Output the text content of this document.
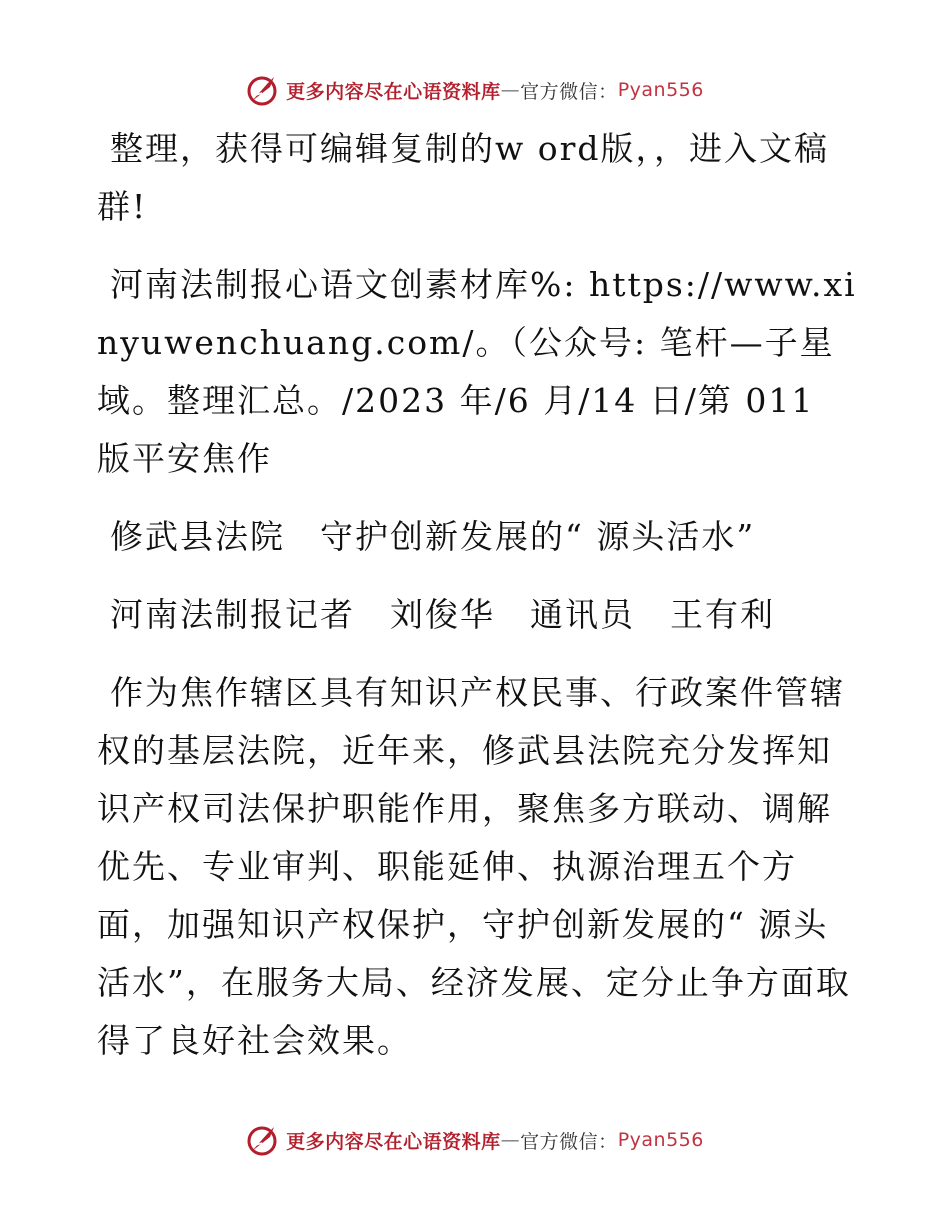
更多内容尽在心语资料库 — 官方微信： Pyan556

整理，获得可编辑复制的w ord版，，进入文稿群!

河南法制报心语文创素材库%: https://www.xinyuwenchuang.com/。（公众号: 笔杆—子星域。整理汇总。/2023 年/6 月/14 日/第 011 版平安焦作

修武县法院　守护创新发展的“ 源头活水”

河南法制报记者　刘俊华　通讯员　王有利

作为焦作辖区具有知识产权民事、行政案件管辖权的基层法院，近年来，修武县法院充分发挥知识产权司法保护职能作用，聚焦多方联动、调解优先、专业审判、职能延伸、执源治理五个方面，加强知识产权保护，守护创新发展的“ 源头活水”，在服务大局、经济发展、定分止争方面取得了良好社会效果。

更多内容尽在心语资料库 — 官方微信： Pyan556
